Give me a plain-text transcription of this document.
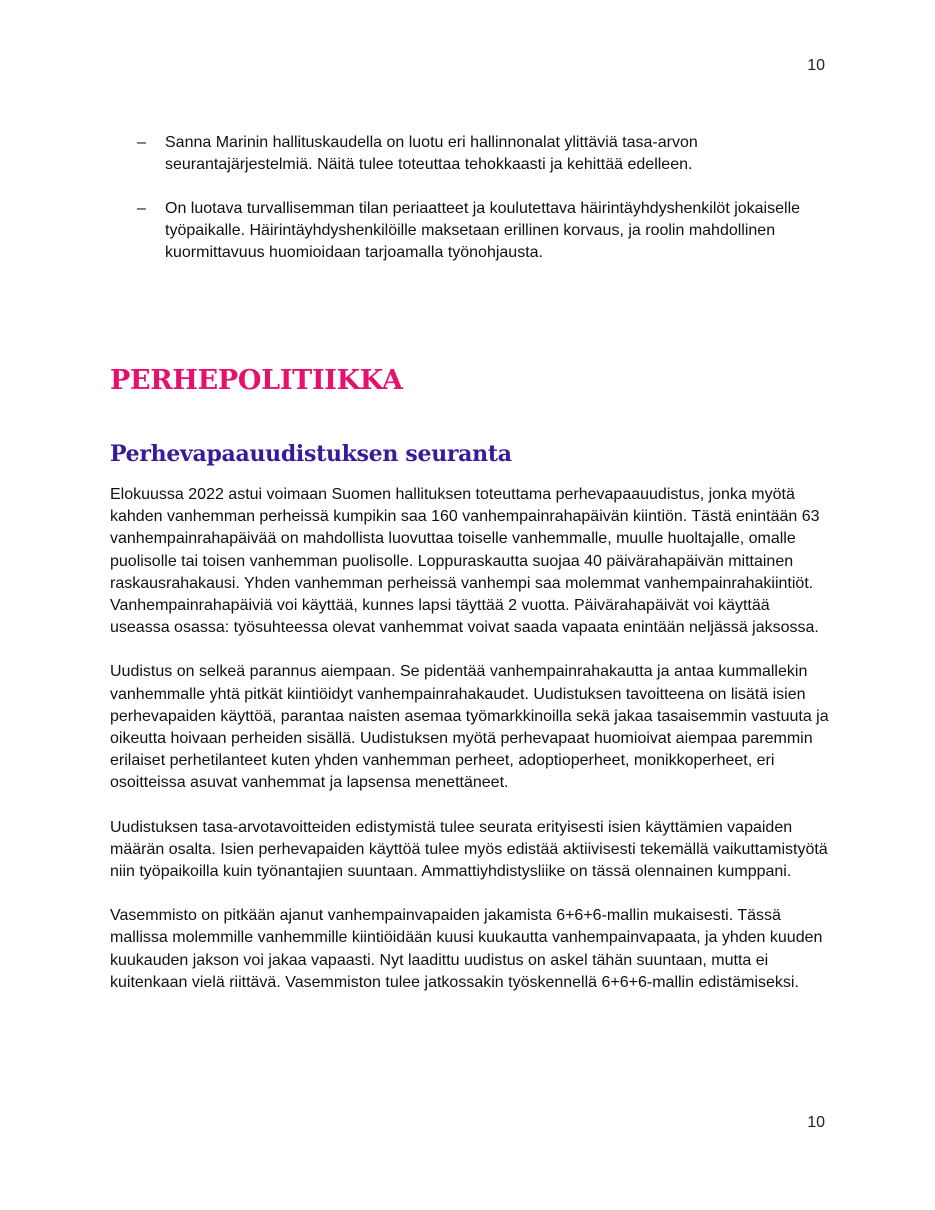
10
– Sanna Marinin hallituskaudella on luotu eri hallinnonalat ylittäviä tasa-arvon seurantajärjestelmiä. Näitä tulee toteuttaa tehokkaasti ja kehittää edelleen.
– On luotava turvallisemman tilan periaatteet ja koulutettava häirintäyhdyshenkilöt jokaiselle työpaikalle. Häirintäyhdyshenkilöille maksetaan erillinen korvaus, ja roolin mahdollinen kuormittavuus huomioidaan tarjoamalla työnohjausta.
PERHEPOLITIIKKA
Perhevapaauudistuksen seuranta

Elokuussa 2022 astui voimaan Suomen hallituksen toteuttama perhevapaauudistus, jonka myötä kahden vanhemman perheissä kumpikin saa 160 vanhempainrahapäivän kiintiön. Tästä enintään 63 vanhempainrahapäivää on mahdollista luovuttaa toiselle vanhemmalle, muulle huoltajalle, omalle puolisolle tai toisen vanhemman puolisolle. Loppuraskautta suojaa 40 päivärahapäivän mittainen raskausrahakausi. Yhden vanhemman perheissä vanhempi saa molemmat vanhempainrahakiintiöt. Vanhempainrahapäiviä voi käyttää, kunnes lapsi täyttää 2 vuotta. Päivärahapäivät voi käyttää useassa osassa: työsuhteessa olevat vanhemmat voivat saada vapaata enintään neljässä jaksossa.

Uudistus on selkeä parannus aiempaan. Se pidentää vanhempainrahakautta ja antaa kummallekin vanhemmalle yhtä pitkät kiintiöidyt vanhempainrahakaudet. Uudistuksen tavoitteena on lisätä isien perhevapaiden käyttöä, parantaa naisten asemaa työmarkkinoilla sekä jakaa tasaisemmin vastuuta ja oikeutta hoivaan perheiden sisällä. Uudistuksen myötä perhevapaat huomioivat aiempaa paremmin erilaiset perhetilanteet kuten yhden vanhemman perheet, adoptioperheet, monikkoperheet, eri osoitteissa asuvat vanhemmat ja lapsensa menettäneet.

Uudistuksen tasa-arvotavoitteiden edistymistä tulee seurata erityisesti isien käyttämien vapaiden määrän osalta. Isien perhevapaiden käyttöä tulee myös edistää aktiivisesti tekemällä vaikuttamistyötä niin työpaikoilla kuin työnantajien suuntaan. Ammattiyhdistysliike on tässä olennainen kumppani.

Vasemmisto on pitkään ajanut vanhempainvapaiden jakamista 6+6+6-mallin mukaisesti. Tässä mallissa molemmille vanhemmille kiintiöidään kuusi kuukautta vanhempainvapaata, ja yhden kuuden kuukauden jakson voi jakaa vapaasti. Nyt laadittu uudistus on askel tähän suuntaan, mutta ei kuitenkaan vielä riittävä. Vasemmiston tulee jatkossakin työskennellä 6+6+6-mallin edistämiseksi.

10
